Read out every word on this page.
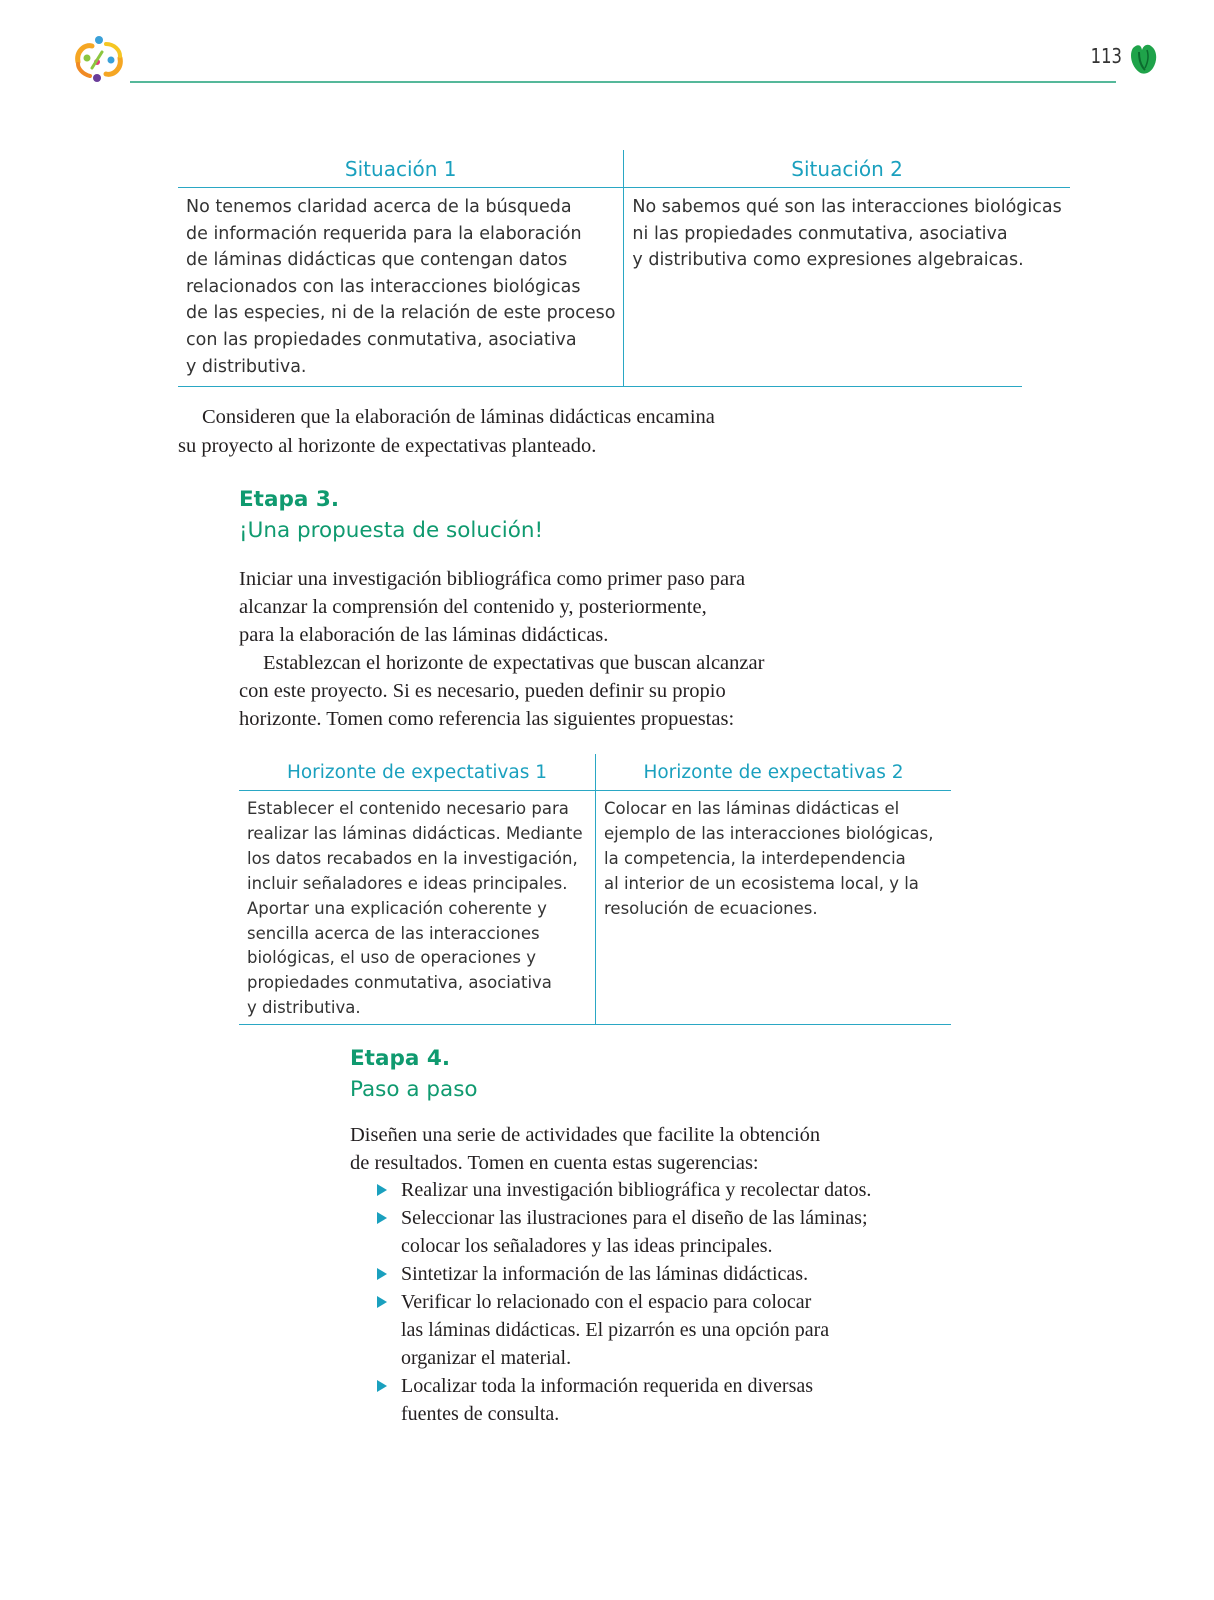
113
Situación 1
No tenemos claridad acerca de la búsqueda
de información requerida para la elaboración
de láminas didácticas que contengan datos
relacionados con las interacciones biológicas
de las especies, ni de la relación de este proceso
con las propiedades conmutativa, asociativa
y distributiva.
Situación 2
No sabemos qué son las interacciones biológicas
ni las propiedades conmutativa, asociativa
y distributiva como expresiones algebraicas.
Consideren que la elaboración de láminas didácticas encamina
su proyecto al horizonte de expectativas planteado.
Etapa 3.
¡Una propuesta de solución!
Iniciar una investigación bibliográfica como primer paso para
alcanzar la comprensión del contenido y, posteriormente,
para la elaboración de las láminas didácticas.
Establezcan el horizonte de expectativas que buscan alcanzar
con este proyecto. Si es necesario, pueden definir su propio
horizonte. Tomen como referencia las siguientes propuestas:
Horizonte de expectativas 1
Establecer el contenido necesario para
realizar las láminas didácticas. Mediante
los datos recabados en la investigación,
incluir señaladores e ideas principales.
Aportar una explicación coherente y
sencilla acerca de las interacciones
biológicas, el uso de operaciones y
propiedades conmutativa, asociativa
y distributiva.
Horizonte de expectativas 2
Colocar en las láminas didácticas el
ejemplo de las interacciones biológicas,
la competencia, la interdependencia
al interior de un ecosistema local, y la
resolución de ecuaciones.
Etapa 4.
Paso a paso
Diseñen una serie de actividades que facilite la obtención
de resultados. Tomen en cuenta estas sugerencias:
Realizar una investigación bibliográfica y recolectar datos.
Seleccionar las ilustraciones para el diseño de las láminas;
colocar los señaladores y las ideas principales.
Sintetizar la información de las láminas didácticas.
Verificar lo relacionado con el espacio para colocar
las láminas didácticas. El pizarrón es una opción para
organizar el material.
Localizar toda la información requerida en diversas
fuentes de consulta.
